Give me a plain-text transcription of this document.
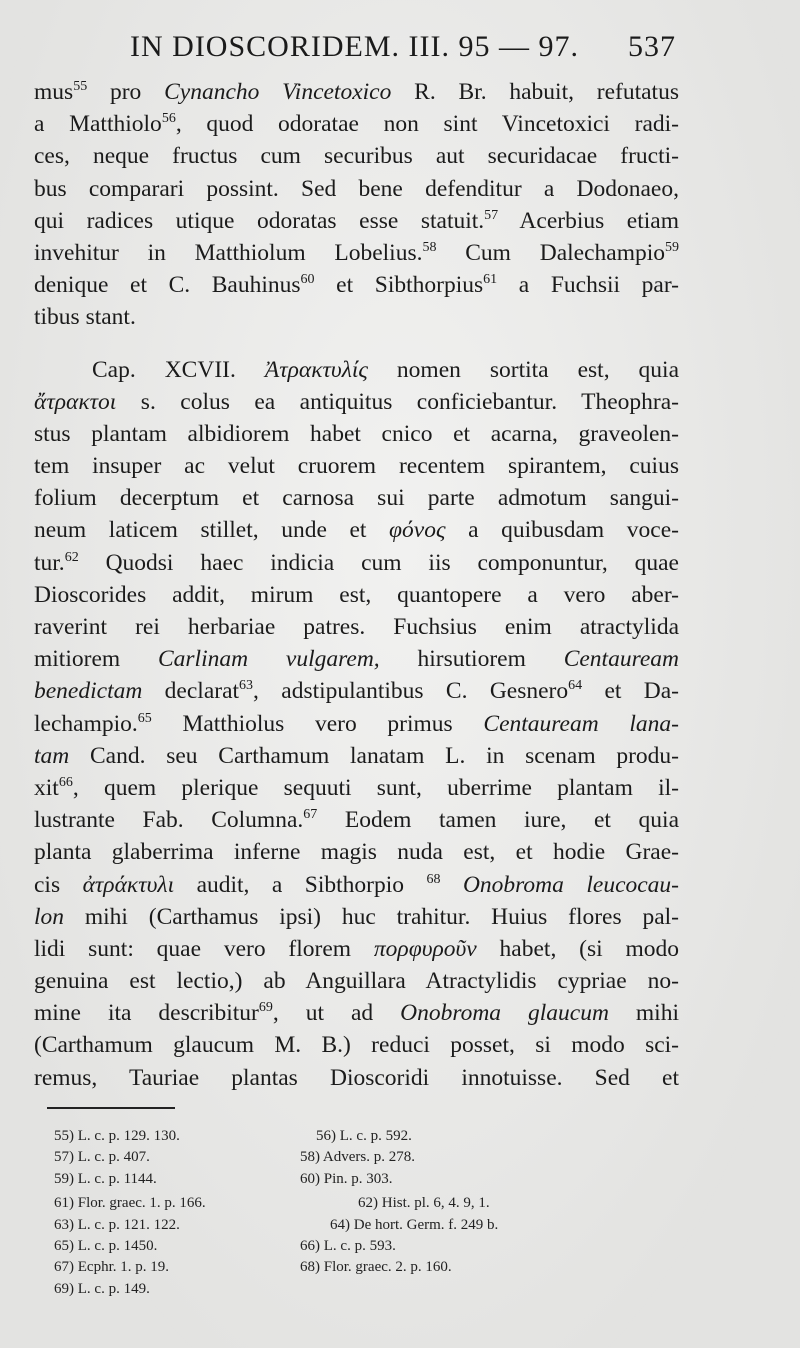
IN DIOSCORIDEM. III. 95 — 97. 537
mus$^{55}$ pro Cynancho Vincetoxico R. Br. habuit, refutatus
a Matthiolo$^{56}$, quod odoratae non sint Vincetoxici radi-
ces, neque fructus cum securibus aut securidacae fructi-
bus comparari possint. Sed bene defenditur a Dodonaeo,
qui radices utique odoratas esse statuit.$^{57}$ Acerbius etiam
invehitur in Matthiolum Lobelius.$^{58}$ Cum Dalechampio$^{59}$
denique et C. Bauhinus$^{60}$ et Sibthorpius$^{61}$ a Fuchsii par-
tibus stant.
Cap. XCVII. Ἀτρακτυλίς nomen sortita est, quia
ἄτρακτοι s. colus ea antiquitus conficiebantur. Theophra-
stus plantam albidiorem habet cnico et acarna, graveolen-
tem insuper ac velut cruorem recentem spirantem, cuius
folium decerptum et carnosa sui parte admotum sangui-
neum laticem stillet, unde et φόνος a quibusdam voce-
tur.$^{62}$ Quodsi haec indicia cum iis componuntur, quae
Dioscorides addit, mirum est, quantopere a vero aber-
raverint rei herbariae patres. Fuchsius enim atractylida
mitiorem Carlinam vulgarem, hirsutiorem Centauream
benedictam declarat$^{63}$, adstipulantibus C. Gesnero$^{64}$ et Da-
lechampio.$^{65}$ Matthiolus vero primus Centauream lana-
tam Cand. seu Carthamum lanatam L. in scenam produ-
xit$^{66}$, quem plerique sequuti sunt, uberrime plantam il-
lustrante Fab. Columna.$^{67}$ Eodem tamen iure, et quia
planta glaberrima inferne magis nuda est, et hodie Grae-
cis ἀτράκτυλι audit, a Sibthorpio $^{68}$ Onobroma leucocau-
lon mihi (Carthamus ipsi) huc trahitur. Huius flores pal-
lidi sunt: quae vero florem πορφυροῦν habet, (si modo
genuina est lectio,) ab Anguillara Atractylidis cypriae no-
mine ita describitur$^{69}$, ut ad Onobroma glaucum mihi
(Carthamum glaucum M. B.) reduci posset, si modo sci-
remus, Tauriae plantas Dioscoridi innotuisse. Sed et
55) L. c. p. 129. 130.	56) L. c. p. 592.
57) L. c. p. 407.	58) Advers. p. 278.
59) L. c. p. 1144.	60) Pin. p. 303.
61) Flor. graec. 1. p. 166.	62) Hist. pl. 6, 4. 9, 1.
63) L. c. p. 121. 122.	64) De hort. Germ. f. 249 b.
65) L. c. p. 1450.	66) L. c. p. 593.
67) Ecphr. 1. p. 19.	68) Flor. graec. 2. p. 160.
69) L. c. p. 149.
